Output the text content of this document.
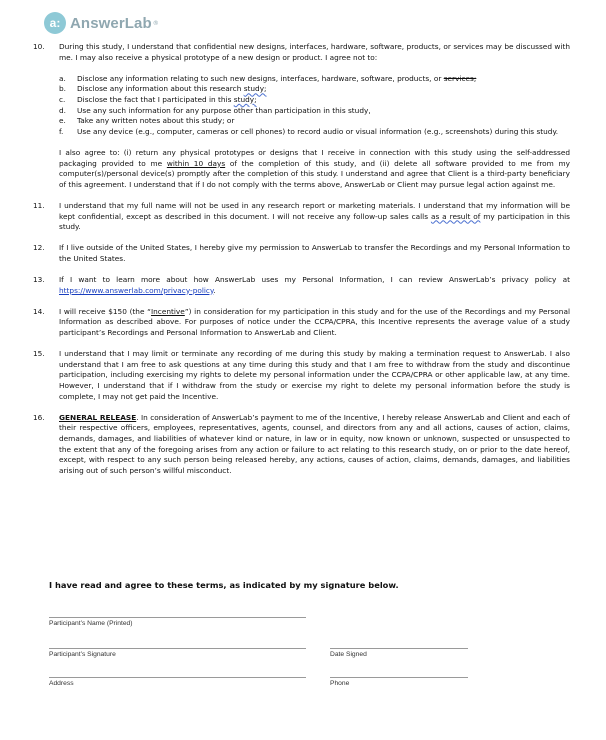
a: AnswerLab ®
10. During this study, I understand that confidential new designs, interfaces, hardware, software, products, or services may be discussed with me. I may also receive a physical prototype of a new design or product. I agree not to:

a. Disclose any information relating to such new designs, interfaces, hardware, software, products, or services;
b. Disclose any information about this research study;
c. Disclose the fact that I participated in this study;
d. Use any such information for any purpose other than participation in this study,
e. Take any written notes about this study; or
f. Use any device (e.g., computer, cameras or cell phones) to record audio or visual information (e.g., screenshots) during this study.

I also agree to: (i) return any physical prototypes or designs that I receive in connection with this study using the self-addressed packaging provided to me within 10 days of the completion of this study, and (ii) delete all software provided to me from my computer(s)/personal device(s) promptly after the completion of this study. I understand and agree that Client is a third-party beneficiary of this agreement. I understand that if I do not comply with the terms above, AnswerLab or Client may pursue legal action against me.

11. I understand that my full name will not be used in any research report or marketing materials. I understand that my information will be kept confidential, except as described in this document. I will not receive any follow-up sales calls as a result of my participation in this study.

12. If I live outside of the United States, I hereby give my permission to AnswerLab to transfer the Recordings and my Personal Information to the United States.

13. If I want to learn more about how AnswerLab uses my Personal Information, I can review AnswerLab’s privacy policy at https://www.answerlab.com/privacy-policy.

14. I will receive $150 (the “Incentive”) in consideration for my participation in this study and for the use of the Recordings and my Personal Information as described above. For purposes of notice under the CCPA/CPRA, this Incentive represents the average value of a study participant’s Recordings and Personal Information to AnswerLab and Client.

15. I understand that I may limit or terminate any recording of me during this study by making a termination request to AnswerLab. I also understand that I am free to ask questions at any time during this study and that I am free to withdraw from the study and discontinue participation, including exercising my rights to delete my personal information under the CCPA/CPRA or other applicable law, at any time. However, I understand that if I withdraw from the study or exercise my right to delete my personal information before the study is complete, I may not get paid the Incentive.

16. GENERAL RELEASE. In consideration of AnswerLab’s payment to me of the Incentive, I hereby release AnswerLab and Client and each of their respective officers, employees, representatives, agents, counsel, and directors from any and all actions, causes of action, claims, demands, damages, and liabilities of whatever kind or nature, in law or in equity, now known or unknown, suspected or unsuspected to the extent that any of the foregoing arises from any action or failure to act relating to this research study, on or prior to the date hereof, except, with respect to any such person being released hereby, any actions, causes of action, claims, demands, damages, and liabilities arising out of such person’s willful misconduct.

I have read and agree to these terms, as indicated by my signature below.
Participant’s Name (Printed)
Participant’s Signature	Date Signed
Address	Phone
